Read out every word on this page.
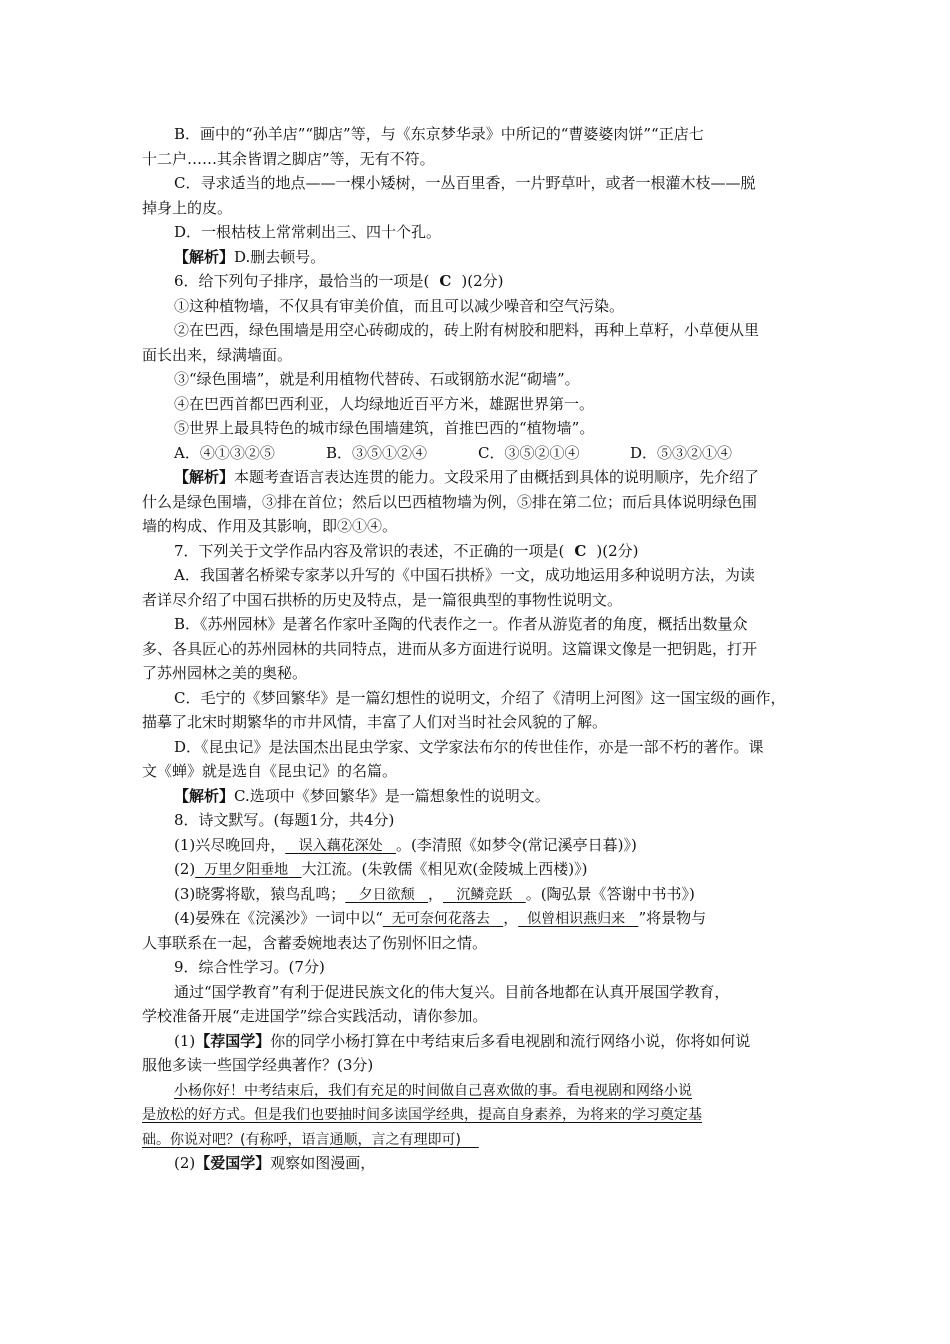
B．画中的“孙羊店”“脚店”等，与《东京梦华录》中所记的“曹婆婆肉饼”“正店七
十二户……其余皆谓之脚店”等，无有不符。
C．寻求适当的地点——一棵小矮树，一丛百里香，一片野草叶，或者一根灌木枝——脱
掉身上的皮。
D．一根枯枝上常常刺出三、四十个孔。
【解析】D.删去顿号。
6．给下列句子排序，最恰当的一项是( C )(2分)
①这种植物墙，不仅具有审美价值，而且可以减少噪音和空气污染。
②在巴西，绿色围墙是用空心砖砌成的，砖上附有树胶和肥料，再种上草籽，小草便从里
面长出来，绿满墙面。
③“绿色围墙”，就是利用植物代替砖、石或钢筋水泥“砌墙”。
④在巴西首都巴西利亚，人均绿地近百平方米，雄踞世界第一。
⑤世界上最具特色的城市绿色围墙建筑，首推巴西的“植物墙”。
A．④①③②⑤	B．③⑤①②④	C．③⑤②①④	D．⑤③②①④
【解析】本题考查语言表达连贯的能力。文段采用了由概括到具体的说明顺序，先介绍了
什么是绿色围墙，③排在首位；然后以巴西植物墙为例，⑤排在第二位；而后具体说明绿色围
墙的构成、作用及其影响，即②①④。
7．下列关于文学作品内容及常识的表述，不正确的一项是( C )(2分)
A．我国著名桥梁专家茅以升写的《中国石拱桥》一文，成功地运用多种说明方法，为读
者详尽介绍了中国石拱桥的历史及特点，是一篇很典型的事物性说明文。
B．《苏州园林》是著名作家叶圣陶的代表作之一。作者从游览者的角度，概括出数量众
多、各具匠心的苏州园林的共同特点，进而从多方面进行说明。这篇课文像是一把钥匙，打开
了苏州园林之美的奥秘。
C．毛宁的《梦回繁华》是一篇幻想性的说明文，介绍了《清明上河图》这一国宝级的画作，
描摹了北宋时期繁华的市井风情，丰富了人们对当时社会风貌的了解。
D．《昆虫记》是法国杰出昆虫学家、文学家法布尔的传世佳作，亦是一部不朽的著作。课
文《蝉》就是选自《昆虫记》的名篇。
【解析】C.选项中《梦回繁华》是一篇想象性的说明文。
8．诗文默写。(每题1分，共4分)
(1)兴尽晚回舟， 误入藕花深处 。(李清照《如梦令(常记溪亭日暮)》)
(2) 万里夕阳垂地 大江流。(朱敦儒《相见欢(金陵城上西楼)》)
(3)晓雾将歇，猿鸟乱鸣； 夕日欲颓 ， 沉鳞竞跃 。(陶弘景《答谢中书书》)
(4)晏殊在《浣溪沙》一词中以“ 无可奈何花落去 ， 似曾相识燕归来 ”将景物与
人事联系在一起，含蓄委婉地表达了伤别怀旧之情。
9．综合性学习。(7分)
通过“国学教育”有利于促进民族文化的伟大复兴。目前各地都在认真开展国学教育，
学校准备开展“走进国学”综合实践活动，请你参加。
(1)【荐国学】你的同学小杨打算在中考结束后多看电视剧和流行网络小说，你将如何说
服他多读一些国学经典著作？(3分)
小杨你好！中考结束后，我们有充足的时间做自己喜欢做的事。看电视剧和网络小说
是放松的好方式。但是我们也要抽时间多读国学经典，提高自身素养，为将来的学习奠定基
础。你说对吧？(有称呼，语言通顺，言之有理即可)
(2)【爱国学】观察如图漫画，
